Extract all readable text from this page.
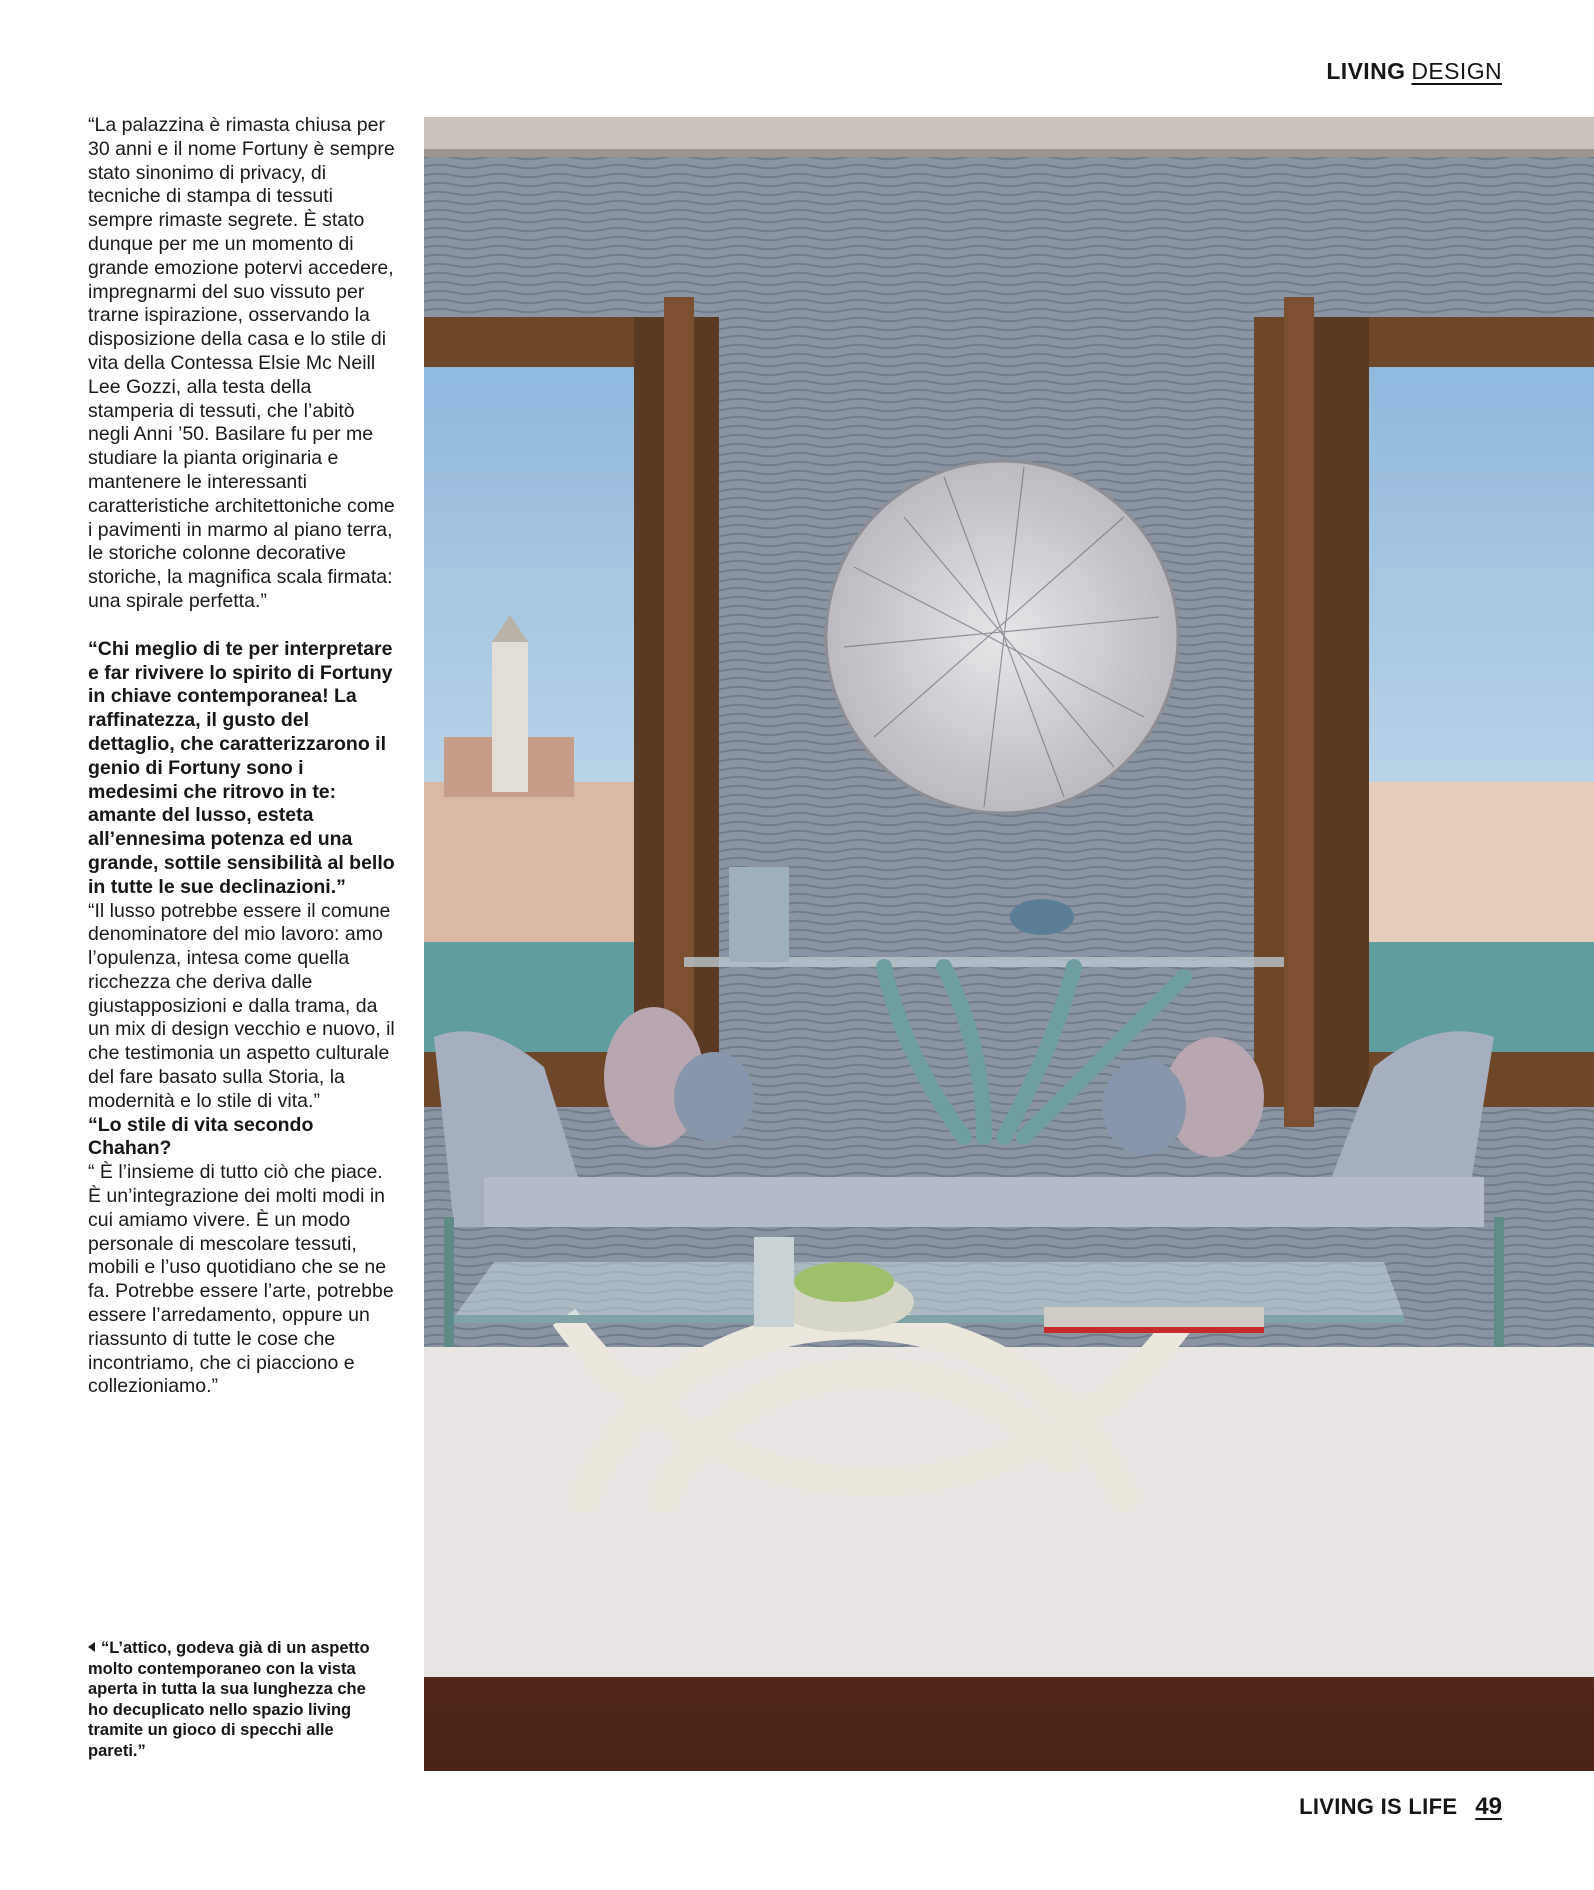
LIVING DESIGN

“La palazzina è rimasta chiusa per 30 anni e il nome Fortuny è sempre stato sinonimo di privacy, di tecniche di stampa di tessuti sempre rimaste segrete. È stato dunque per me un momento di grande emozione potervi accedere, impregnarmi del suo vissuto per trarne ispirazione, osservando la disposizione della casa e lo stile di vita della Contessa Elsie Mc Neill Lee Gozzi, alla testa della stamperia di tessuti, che l’abitò negli Anni ’50. Basilare fu per me studiare la pianta originaria e mantenere le interessanti caratteristiche architettoniche come i pavimenti in marmo al piano terra, le storiche colonne decorative storiche, la magnifica scala firmata: una spirale perfetta.”

“Chi meglio di te per interpretare e far rivivere lo spirito di Fortuny in chiave contemporanea! La raffinatezza, il gusto del dettaglio, che caratterizzarono il genio di Fortuny sono i medesimi che ritrovo in te: amante del lusso, esteta all’ennesima potenza ed una grande, sottile sensibilità al bello in tutte le sue declinazioni.”

“Il lusso potrebbe essere il comune denominatore del mio lavoro: amo l’opulenza, intesa come quella ricchezza che deriva dalle giustapposizioni e dalla trama, da un mix di design vecchio e nuovo, il che testimonia un aspetto culturale del fare basato sulla Storia, la modernità e lo stile di vita.”

“Lo stile di vita secondo Chahan?

“ È l’insieme di tutto ciò che piace. È un’integrazione dei molti modi in cui amiamo vivere. È un modo personale di mescolare tessuti, mobili e l’uso quotidiano che se ne fa. Potrebbe essere l’arte, potrebbe essere l’arredamento, oppure un riassunto di tutte le cose che incontriamo, che ci piacciono e collezioniamo.”

“L’attico, godeva già di un aspetto molto contemporaneo con la vista aperta in tutta la sua lunghezza che ho decuplicato nello spazio living tramite un gioco di specchi alle pareti.”
LIVING IS LIFE 49
